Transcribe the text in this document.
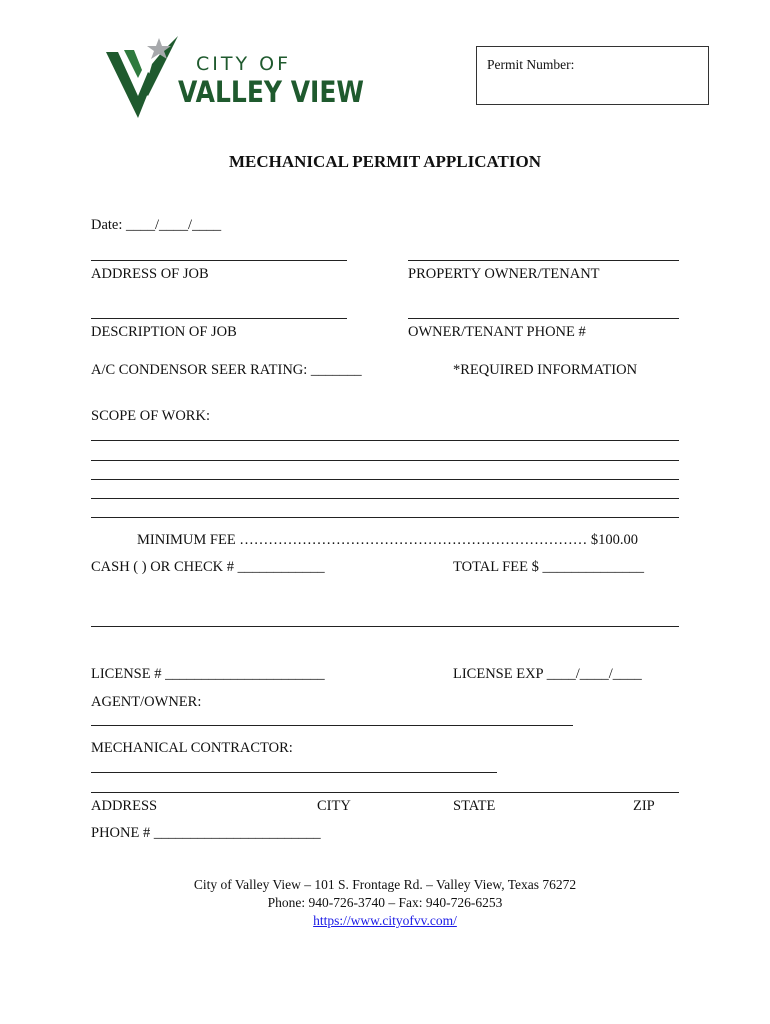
CITY OF
VALLEY VIEW
Permit Number:
MECHANICAL PERMIT APPLICATION
Date: ____/____/____
ADDRESS OF JOB	PROPERTY OWNER/TENANT
DESCRIPTION OF JOB	OWNER/TENANT PHONE #
A/C CONDENSOR SEER RATING: _______	*REQUIRED INFORMATION
SCOPE OF WORK:
MINIMUM FEE ……………………………………………………………… $100.00
CASH ( ) OR CHECK # ____________	TOTAL FEE $ ______________
LICENSE # ______________________	LICENSE EXP ____/____/____
AGENT/OWNER:
MECHANICAL CONTRACTOR:
ADDRESS	CITY	STATE	ZIP
PHONE # _______________________
City of Valley View – 101 S. Frontage Rd. – Valley View, Texas 76272
Phone: 940-726-3740 – Fax: 940-726-6253
https://www.cityofvv.com/
